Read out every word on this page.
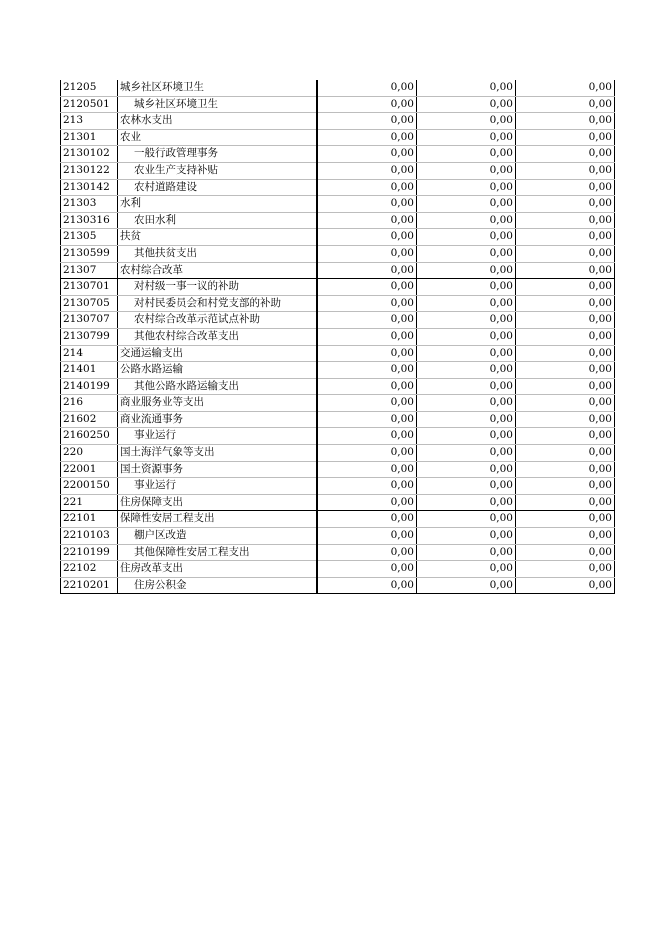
21205	城乡社区环境卫生	0,00	0,00	0,00
2120501	城乡社区环境卫生	0,00	0,00	0,00
213	农林水支出	0,00	0,00	0,00
21301	农业	0,00	0,00	0,00
2130102	一般行政管理事务	0,00	0,00	0,00
2130122	农业生产支持补贴	0,00	0,00	0,00
2130142	农村道路建设	0,00	0,00	0,00
21303	水利	0,00	0,00	0,00
2130316	农田水利	0,00	0,00	0,00
21305	扶贫	0,00	0,00	0,00
2130599	其他扶贫支出	0,00	0,00	0,00
21307	农村综合改革	0,00	0,00	0,00
2130701	对村级一事一议的补助	0,00	0,00	0,00
2130705	对村民委员会和村党支部的补助	0,00	0,00	0,00
2130707	农村综合改革示范试点补助	0,00	0,00	0,00
2130799	其他农村综合改革支出	0,00	0,00	0,00
214	交通运输支出	0,00	0,00	0,00
21401	公路水路运输	0,00	0,00	0,00
2140199	其他公路水路运输支出	0,00	0,00	0,00
216	商业服务业等支出	0,00	0,00	0,00
21602	商业流通事务	0,00	0,00	0,00
2160250	事业运行	0,00	0,00	0,00
220	国土海洋气象等支出	0,00	0,00	0,00
22001	国土资源事务	0,00	0,00	0,00
2200150	事业运行	0,00	0,00	0,00
221	住房保障支出	0,00	0,00	0,00
22101	保障性安居工程支出	0,00	0,00	0,00
2210103	棚户区改造	0,00	0,00	0,00
2210199	其他保障性安居工程支出	0,00	0,00	0,00
22102	住房改革支出	0,00	0,00	0,00
2210201	住房公积金	0,00	0,00	0,00
